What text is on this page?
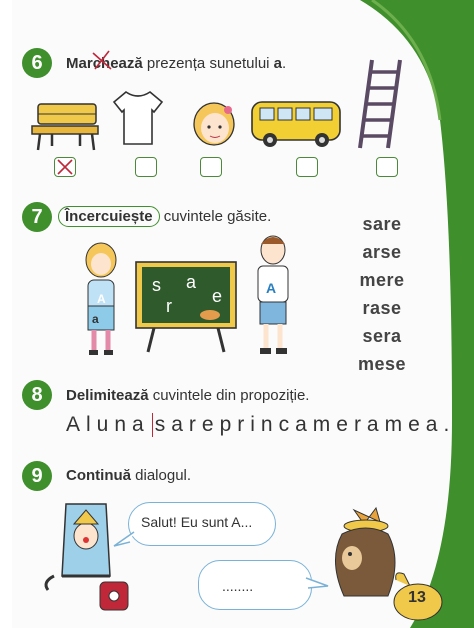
6	March
ează prezența sunetului a.
7	Încercuiește cuvintele găsite.
A
a
s a
r e	A
sare
arse
mere
rase
sera
mese
8	Delimitează cuvintele din propoziție.
Aluna sareprincameramea.
9	Continuă dialogul.
Salut! Eu sunt A...
........
13
